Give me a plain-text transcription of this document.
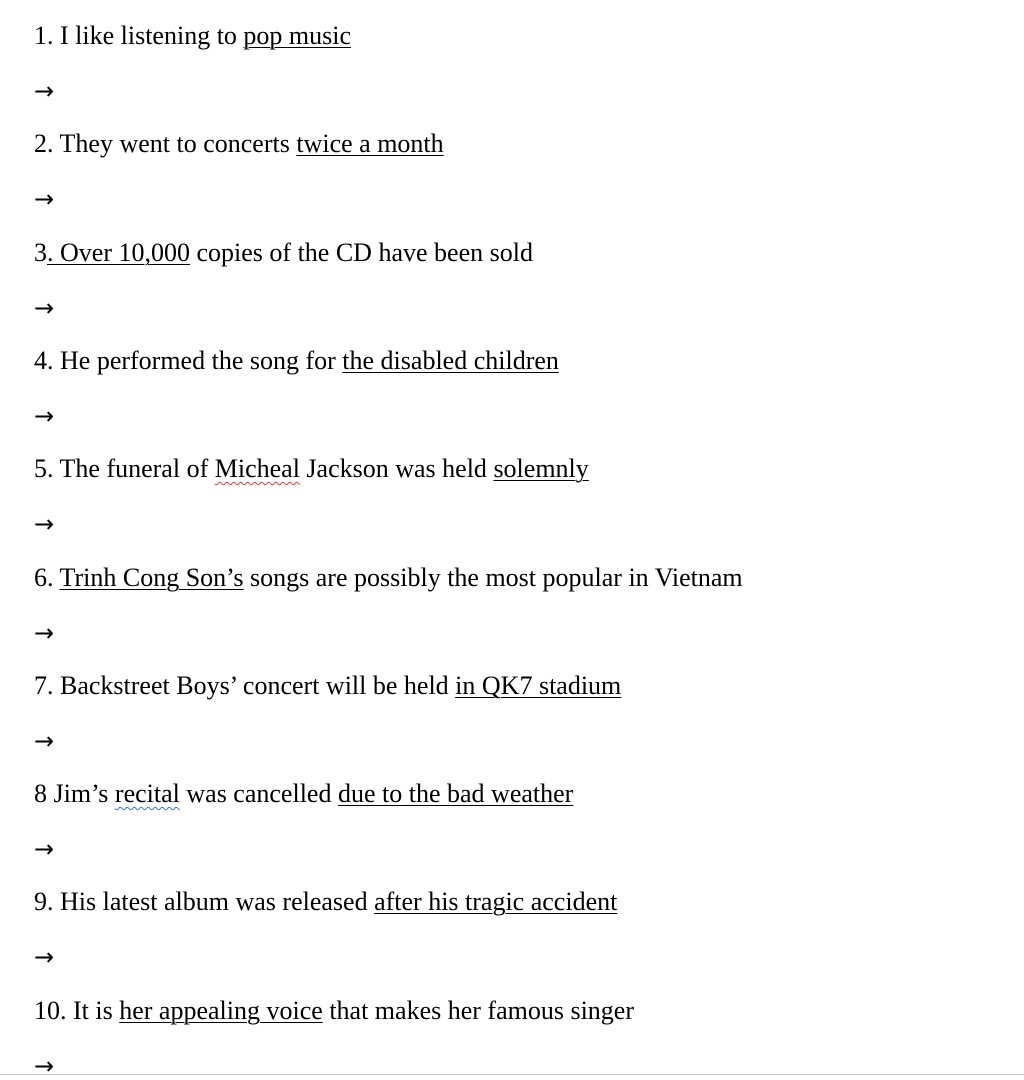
1. I like listening to pop music
→
2. They went to concerts twice a month
→
3. Over 10,000 copies of the CD have been sold
→
4. He performed the song for the disabled children
→
5. The funeral of Micheal Jackson was held solemnly
→
6. Trinh Cong Son’s songs are possibly the most popular in Vietnam
→
7. Backstreet Boys’ concert will be held in QK7 stadium
→
8 Jim’s recital was cancelled due to the bad weather
→
9. His latest album was released after his tragic accident
→
10. It is her appealing voice that makes her famous singer
→
